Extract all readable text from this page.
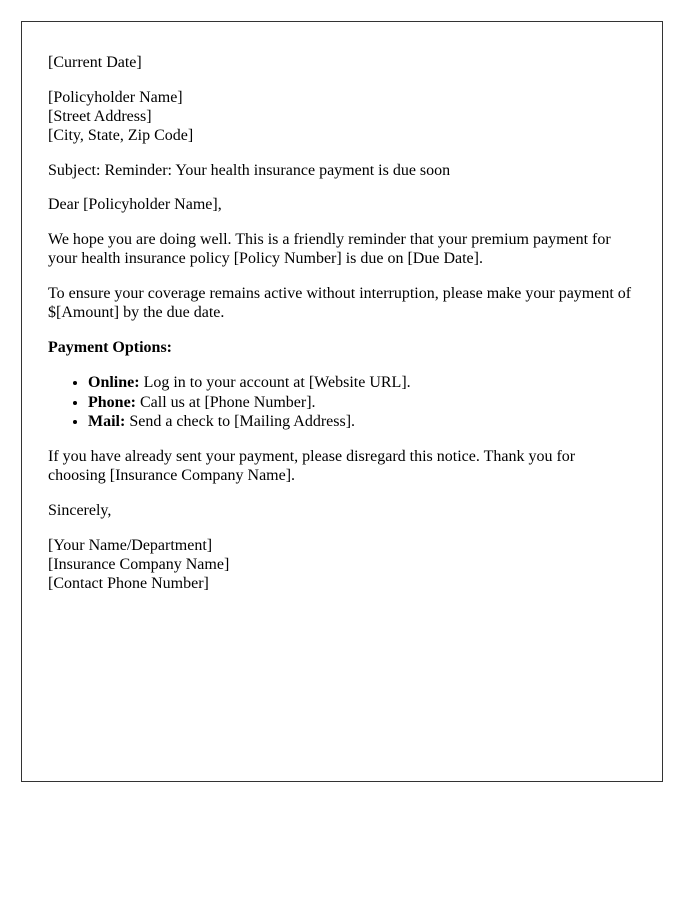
[Current Date]

[Policyholder Name]
[Street Address]
[City, State, Zip Code]

Subject: Reminder: Your health insurance payment is due soon

Dear [Policyholder Name],

We hope you are doing well. This is a friendly reminder that your premium payment for your health insurance policy [Policy Number] is due on [Due Date].

To ensure your coverage remains active without interruption, please make your payment of $[Amount] by the due date.

Payment Options:

• Online: Log in to your account at [Website URL].
• Phone: Call us at [Phone Number].
• Mail: Send a check to [Mailing Address].

If you have already sent your payment, please disregard this notice. Thank you for choosing [Insurance Company Name].

Sincerely,

[Your Name/Department]
[Insurance Company Name]
[Contact Phone Number]
